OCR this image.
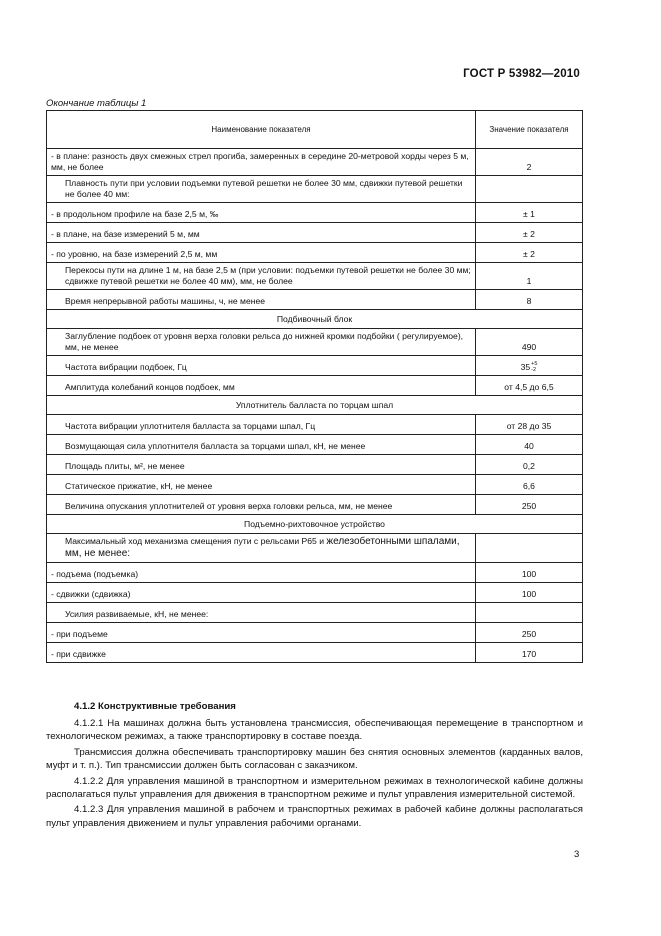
ГОСТ Р 53982—2010
Окончание таблицы 1
Наименование показателя	Значение показателя
- в плане: разность двух смежных стрел прогиба, замеренных в середине 20-метровой хорды через 5 м, мм, не более	2
Плавность пути при условии подъемки путевой решетки не более 30 мм, сдвижки путевой решетки не более 40 мм:	
- в продольном профиле на базе 2,5 м, ‰	± 1
- в плане, на базе измерений 5 м, мм	± 2
- по уровню, на базе измерений 2,5 м, мм	± 2
Перекосы пути на длине 1 м, на базе 2,5 м (при условии: подъемки путевой решетки не более 30 мм; сдвижке путевой решетки не более 40 мм), мм, не более	1
Время непрерывной работы машины, ч, не менее	8
Подбивочный блок	
Заглубление подбоек от уровня верха головки рельса до нижней кромки подбойки ( регулируемое), мм, не менее	490
Частота вибрации подбоек, Гц	35 +5
-2

Амплитуда колебаний концов подбоек, мм	от 4,5 до 6,5
Уплотнитель балласта по торцам шпал	
Частота вибрации уплотнителя балласта за торцами шпал, Гц	от 28 до 35
Возмущающая сила уплотнителя балласта за торцами шпал, кН, не менее	40
Площадь плиты, м², не менее	0,2
Статическое прижатие, кН, не менее	6,6
Величина опускания уплотнителей от уровня верха головки рельса, мм, не менее	250
Подъемно-рихтовочное устройство	
Максимальный ход механизма смещения пути с рельсами Р65 и железобетонными шпалами, мм, не менее:	
- подъема (подъемка)	100
- сдвижки (сдвижка)	100
Усилия развиваемые, кН, не менее:	
- при подъеме	250
- при сдвижке	170

4.1.2 Конструктивные требования

4.1.2.1 На машинах должна быть установлена трансмиссия, обеспечивающая перемещение в транспортном и технологическом режимах, а также транспортировку в составе поезда.

Трансмиссия должна обеспечивать транспортировку машин без снятия основных элементов (карданных валов, муфт и т. п.). Тип трансмиссии должен быть согласован с заказчиком.

4.1.2.2 Для управления машиной в транспортном и измерительном режимах в технологической кабине должны располагаться пульт управления для движения в транспортном режиме и пульт управления измерительной системой.

4.1.2.3 Для управления машиной в рабочем и транспортных режимах в рабочей кабине должны располагаться пульт управления движением и пульт управления рабочими органами.

3
